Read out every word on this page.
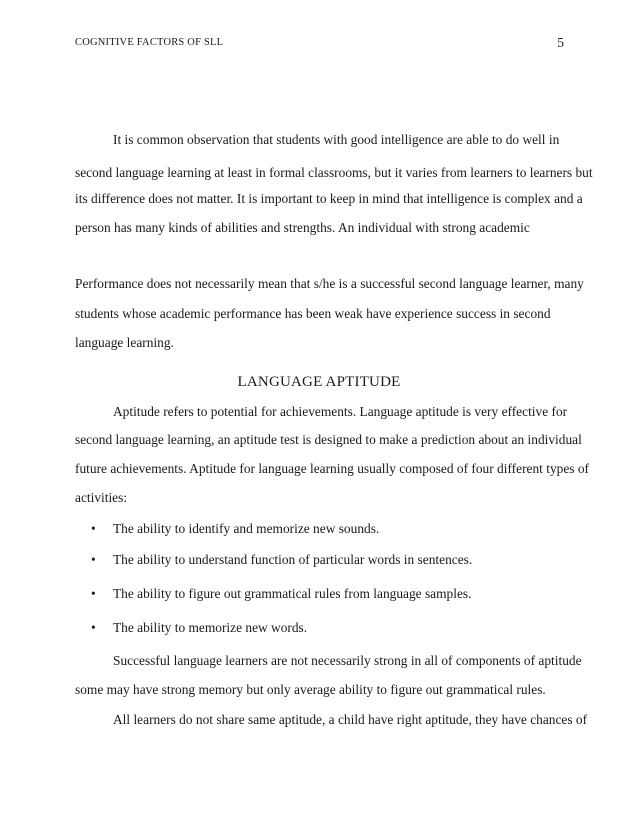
COGNITIVE FACTORS OF SLL	5
It is common observation that students with good intelligence are able to do well in
second language learning at least in formal classrooms, but it varies from learners to learners but
its difference does not matter. It is important to keep in mind that intelligence is complex and a
person has many kinds of abilities and strengths. An individual with strong academic
Performance does not necessarily mean that s/he is a successful second language learner, many
students whose academic performance has been weak have experience success in second
language learning.
LANGUAGE APTITUDE
Aptitude refers to potential for achievements. Language aptitude is very effective for
second language learning, an aptitude test is designed to make a prediction about an individual
future achievements. Aptitude for language learning usually composed of four different types of
activities:
• The ability to identify and memorize new sounds.
• The ability to understand function of particular words in sentences.
• The ability to figure out grammatical rules from language samples.
• The ability to memorize new words.
Successful language learners are not necessarily strong in all of components of aptitude
some may have strong memory but only average ability to figure out grammatical rules.
All learners do not share same aptitude, a child have right aptitude, they have chances of
